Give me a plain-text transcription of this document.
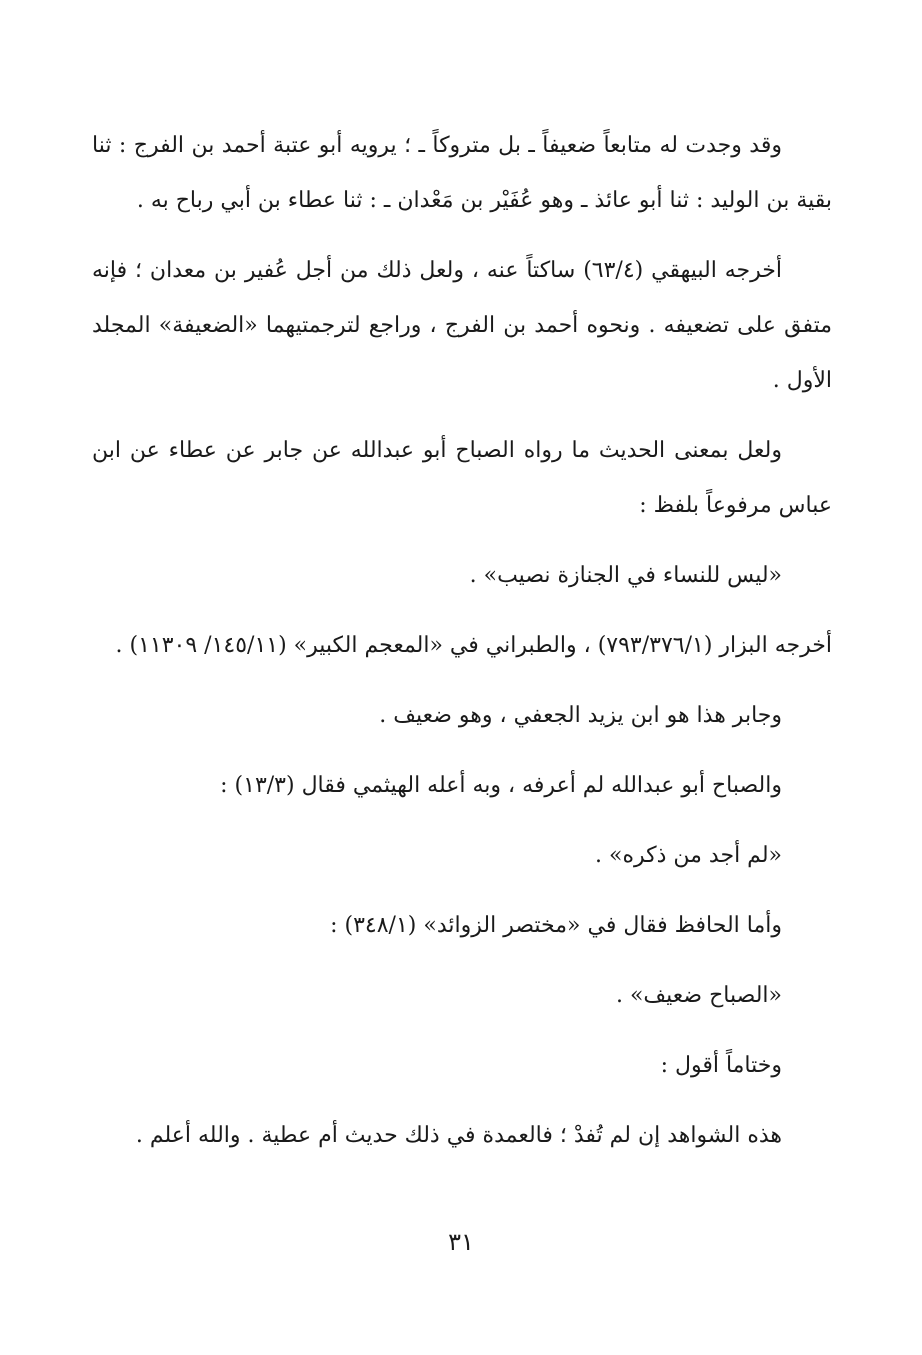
وقد وجدت له متابعاً ضعيفاً ـ بل متروكاً ـ ؛ يرويه أبو عتبة أحمد بن الفرج : ثنا بقية بن الوليد : ثنا أبو عائذ ـ وهو عُفَيْر بن مَعْدان ـ : ثنا عطاء بن أبي رباح به .

أخرجه البيهقي (٦٣/٤) ساكتاً عنه ، ولعل ذلك من أجل عُفير بن معدان ؛ فإنه متفق على تضعيفه . ونحوه أحمد بن الفرج ، وراجع لترجمتيهما «الضعيفة» المجلد الأول .

ولعل بمعنى الحديث ما رواه الصباح أبو عبدالله عن جابر عن عطاء عن ابن عباس مرفوعاً بلفظ :

«ليس للنساء في الجنازة نصيب» .

أخرجه البزار (٧٩٣/٣٧٦/١) ، والطبراني في «المعجم الكبير» (١٤٥/١١/ ١١٣٠٩) .

وجابر هذا هو ابن يزيد الجعفي ، وهو ضعيف .

والصباح أبو عبدالله لم أعرفه ، وبه أعله الهيثمي فقال (١٣/٣) :

«لم أجد من ذكره» .

وأما الحافظ فقال في «مختصر الزوائد» (٣٤٨/١) :

«الصباح ضعيف» .

وختاماً أقول :

هذه الشواهد إن لم تُفدْ ؛ فالعمدة في ذلك حديث أم عطية . والله أعلم .

٣١
